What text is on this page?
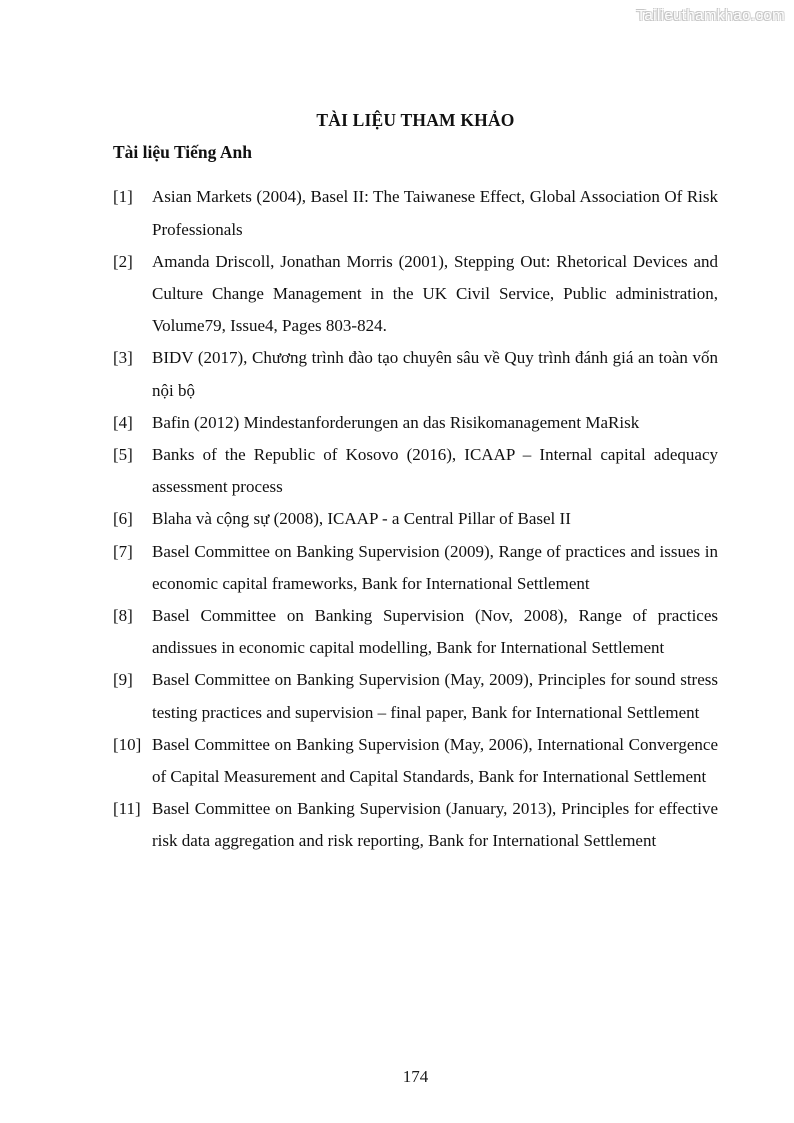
Tailieuthamkhao.com
TÀI LIỆU THAM KHẢO
Tài liệu Tiếng Anh

[1] Asian Markets (2004), Basel II: The Taiwanese Effect, Global Association Of Risk Professionals

[2] Amanda Driscoll, Jonathan Morris (2001), Stepping Out: Rhetorical Devices and Culture Change Management in the UK Civil Service, Public administration, Volume79, Issue4, Pages 803-824.

[3] BIDV (2017), Chương trình đào tạo chuyên sâu về Quy trình đánh giá an toàn vốn nội bộ

[4] Bafin (2012) Mindestanforderungen an das Risikomanagement MaRisk

[5] Banks of the Republic of Kosovo (2016), ICAAP – Internal capital adequacy assessment process

[6] Blaha và cộng sự (2008), ICAAP - a Central Pillar of Basel II

[7] Basel Committee on Banking Supervision (2009), Range of practices and issues in economic capital frameworks, Bank for International Settlement

[8] Basel Committee on Banking Supervision (Nov, 2008), Range of practices andissues in economic capital modelling, Bank for International Settlement

[9] Basel Committee on Banking Supervision (May, 2009), Principles for sound stress testing practices and supervision – final paper, Bank for International Settlement

[10] Basel Committee on Banking Supervision (May, 2006), International Convergence of Capital Measurement and Capital Standards, Bank for International Settlement

[11] Basel Committee on Banking Supervision (January, 2013), Principles for effective risk data aggregation and risk reporting, Bank for International Settlement

174
